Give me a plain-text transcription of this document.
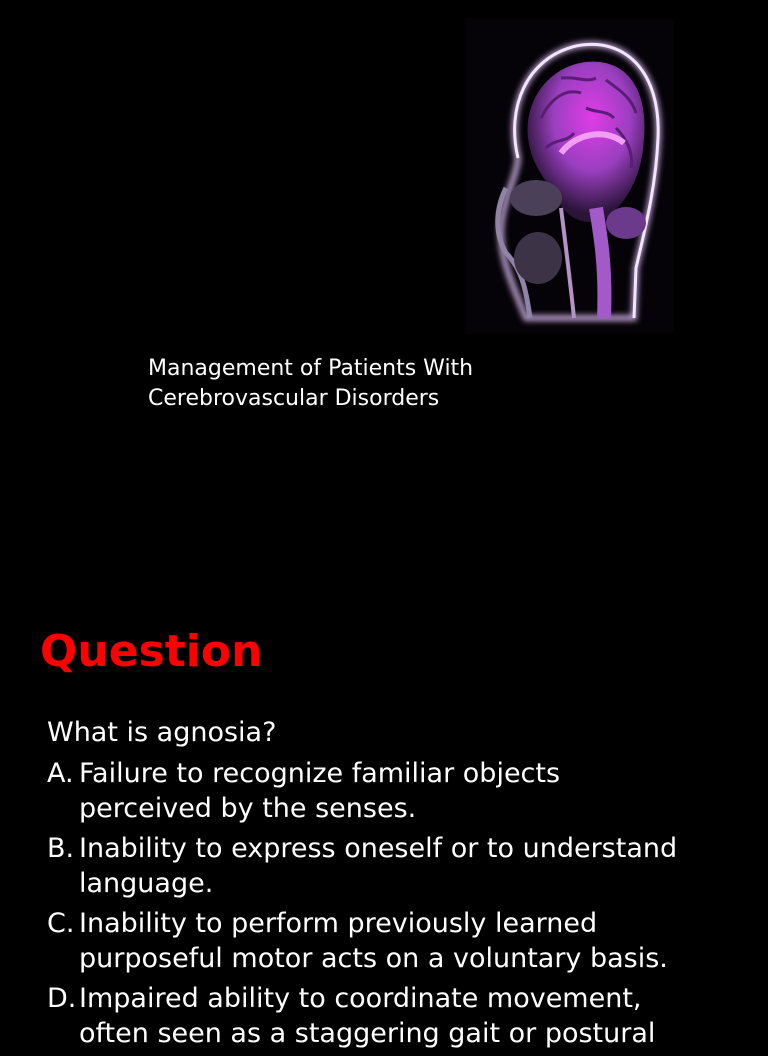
Management of Patients With
Cerebrovascular Disorders
Question
What is agnosia?
A. Failure to recognize familiar objects
perceived by the senses.
B. Inability to express oneself or to understand
language.
C. Inability to perform previously learned
purposeful motor acts on a voluntary basis.
D. Impaired ability to coordinate movement,
often seen as a staggering gait or postural
